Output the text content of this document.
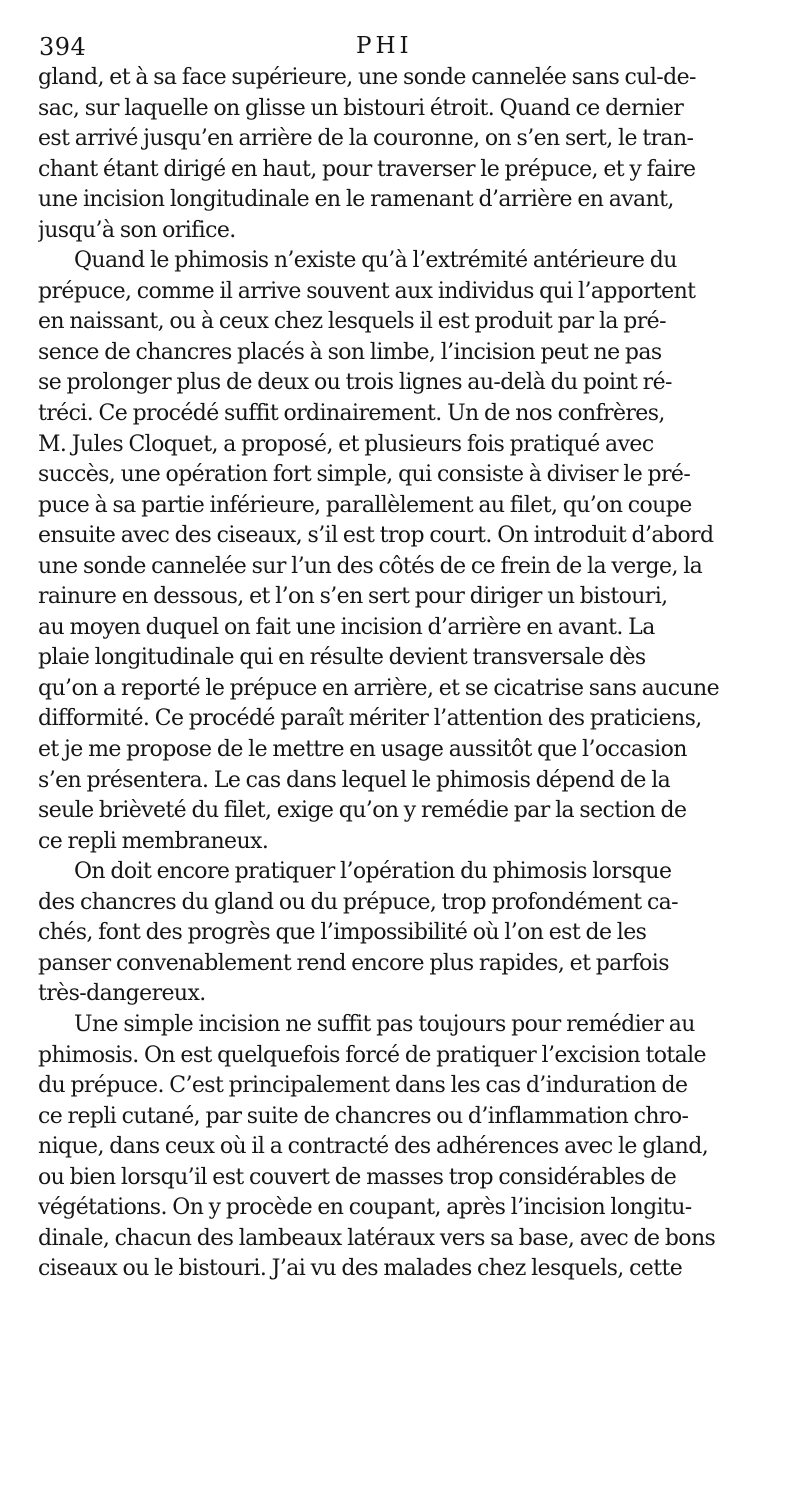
394	PHI
gland, et à sa face supérieure, une sonde cannelée sans cul-de-
sac, sur laquelle on glisse un bistouri étroit. Quand ce dernier
est arrivé jusqu’en arrière de la couronne, on s’en sert, le tran-
chant étant dirigé en haut, pour traverser le prépuce, et y faire
une incision longitudinale en le ramenant d’arrière en avant,
jusqu’à son orifice.
Quand le phimosis n’existe qu’à l’extrémité antérieure du
prépuce, comme il arrive souvent aux individus qui l’apportent
en naissant, ou à ceux chez lesquels il est produit par la pré-
sence de chancres placés à son limbe, l’incision peut ne pas
se prolonger plus de deux ou trois lignes au-delà du point ré-
tréci. Ce procédé suffit ordinairement. Un de nos confrères,
M. Jules Cloquet, a proposé, et plusieurs fois pratiqué avec
succès, une opération fort simple, qui consiste à diviser le pré-
puce à sa partie inférieure, parallèlement au filet, qu’on coupe
ensuite avec des ciseaux, s’il est trop court. On introduit d’abord
une sonde cannelée sur l’un des côtés de ce frein de la verge, la
rainure en dessous, et l’on s’en sert pour diriger un bistouri,
au moyen duquel on fait une incision d’arrière en avant. La
plaie longitudinale qui en résulte devient transversale dès
qu’on a reporté le prépuce en arrière, et se cicatrise sans aucune
difformité. Ce procédé paraît mériter l’attention des praticiens,
et je me propose de le mettre en usage aussitôt que l’occasion
s’en présentera. Le cas dans lequel le phimosis dépend de la
seule brièveté du filet, exige qu’on y remédie par la section de
ce repli membraneux.
On doit encore pratiquer l’opération du phimosis lorsque
des chancres du gland ou du prépuce, trop profondément ca-
chés, font des progrès que l’impossibilité où l’on est de les
panser convenablement rend encore plus rapides, et parfois
très-dangereux.
Une simple incision ne suffit pas toujours pour remédier au
phimosis. On est quelquefois forcé de pratiquer l’excision totale
du prépuce. C’est principalement dans les cas d’induration de
ce repli cutané, par suite de chancres ou d’inflammation chro-
nique, dans ceux où il a contracté des adhérences avec le gland,
ou bien lorsqu’il est couvert de masses trop considérables de
végétations. On y procède en coupant, après l’incision longitu-
dinale, chacun des lambeaux latéraux vers sa base, avec de bons
ciseaux ou le bistouri. J’ai vu des malades chez lesquels, cette
